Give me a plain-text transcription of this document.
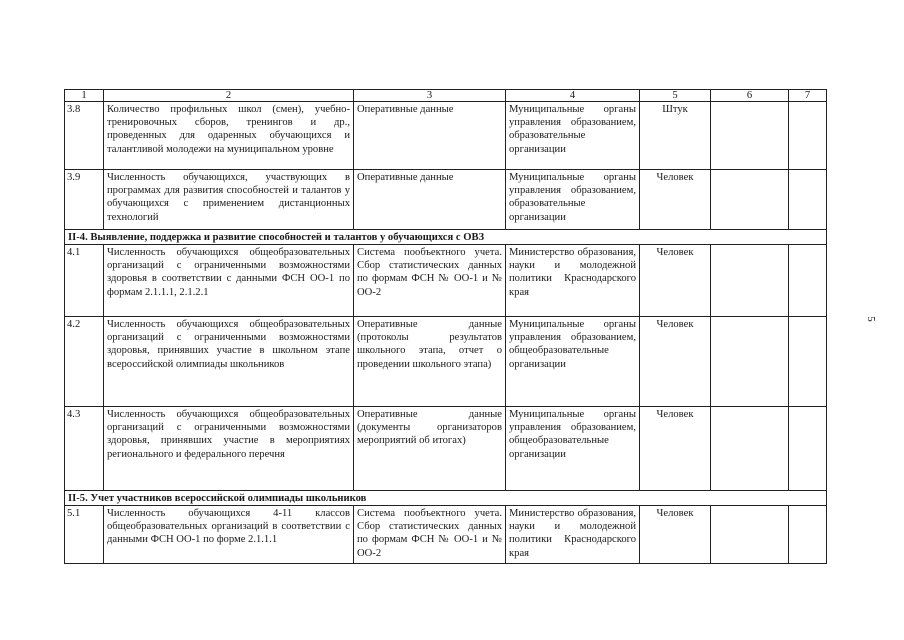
1	2	3	4	5	6	7
3.8	Количество профильных школ (смен), учебно-тренировочных сборов, тренингов и др., проведенных для одаренных обучающихся и талантливой молодежи на муниципальном уровне	Оперативные данные	Муниципальные органы управления образованием, образовательные организации	Штук		
3.9	Численность обучающихся, участвующих в программах для развития способностей и талантов у обучающихся с применением дистанционных технологий	Оперативные данные	Муниципальные органы управления образованием, образовательные организации	Человек		
II-4. Выявление, поддержка и развитие способностей и талантов у обучающихся с ОВЗ						
4.1	Численность обучающихся общеобразовательных организаций с ограниченными возможностями здоровья в соответствии с данными ФСН ОО-1 по формам 2.1.1.1, 2.1.2.1	Система пообъектного учета. Сбор статистических данных по формам ФСН № ОО-1 и № ОО-2	Министерство образования, науки и молодежной политики Краснодарского края	Человек		
4.2	Численность обучающихся общеобразовательных организаций с ограниченными возможностями здоровья, принявших участие в школьном этапе всероссийской олимпиады школьников	Оперативные данные (протоколы результатов школьного этапа, отчет о проведении школьного этапа)	Муниципальные органы управления образованием, общеобразовательные организации	Человек		
4.3	Численность обучающихся общеобразовательных организаций с ограниченными возможностями здоровья, принявших участие в мероприятиях регионального и федерального перечня	Оперативные данные (документы организаторов мероприятий об итогах)	Муниципальные органы управления образованием, общеобразовательные организации	Человек		
II-5. Учет участников всероссийской олимпиады школьников						
5.1	Численность обучающихся 4-11 классов общеобразовательных организаций в соответствии с данными ФСН ОО-1 по форме 2.1.1.1	Система пообъектного учета. Сбор статистических данных по формам ФСН № ОО-1 и № ОО-2	Министерство образования, науки и молодежной политики Краснодарского края	Человек		
5
